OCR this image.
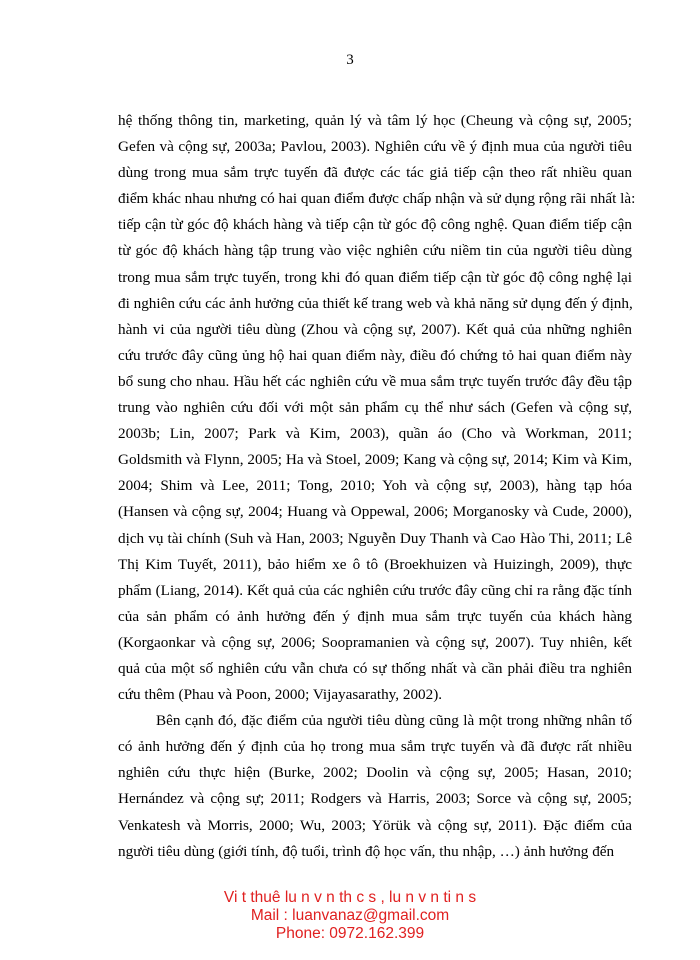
3

hệ thống thông tin, marketing, quản lý và tâm lý học (Cheung và cộng sự, 2005;
Gefen và cộng sự, 2003a; Pavlou, 2003). Nghiên cứu về ý định mua của người tiêu
dùng trong mua sắm trực tuyến đã được các tác giả tiếp cận theo rất nhiều quan
điểm khác nhau nhưng có hai quan điểm được chấp nhận và sử dụng rộng rãi nhất là:
tiếp cận từ góc độ khách hàng và tiếp cận từ góc độ công nghệ. Quan điểm tiếp cận
từ góc độ khách hàng tập trung vào việc nghiên cứu niềm tin của người tiêu dùng
trong mua sắm trực tuyến, trong khi đó quan điểm tiếp cận từ góc độ công nghệ lại
đi nghiên cứu các ảnh hưởng của thiết kế trang web và khả năng sử dụng đến ý định,
hành vi của người tiêu dùng (Zhou và cộng sự, 2007). Kết quả của những nghiên
cứu trước đây cũng ủng hộ hai quan điểm này, điều đó chứng tỏ hai quan điểm này
bổ sung cho nhau. Hầu hết các nghiên cứu về mua sắm trực tuyến trước đây đều tập
trung vào nghiên cứu đối với một sản phẩm cụ thể như sách (Gefen và cộng sự,
2003b; Lin, 2007; Park và Kim, 2003), quần áo (Cho và Workman, 2011;
Goldsmith và Flynn, 2005; Ha và Stoel, 2009; Kang và cộng sự, 2014; Kim và Kim,
2004; Shim và Lee, 2011; Tong, 2010; Yoh và cộng sự, 2003), hàng tạp hóa
(Hansen và cộng sự, 2004; Huang và Oppewal, 2006; Morganosky và Cude, 2000),
dịch vụ tài chính (Suh và Han, 2003; Nguyễn Duy Thanh và Cao Hào Thi, 2011; Lê
Thị Kim Tuyết, 2011), bảo hiểm xe ô tô (Broekhuizen và Huizingh, 2009), thực
phẩm (Liang, 2014). Kết quả của các nghiên cứu trước đây cũng chỉ ra rằng đặc tính
của sản phẩm có ảnh hưởng đến ý định mua sắm trực tuyến của khách hàng
(Korgaonkar và cộng sự, 2006; Soopramanien và cộng sự, 2007). Tuy nhiên, kết
quả của một số nghiên cứu vẫn chưa có sự thống nhất và cần phải điều tra nghiên
cứu thêm (Phau và Poon, 2000; Vijayasarathy, 2002).

Bên cạnh đó, đặc điểm của người tiêu dùng cũng là một trong những nhân tố
có ảnh hưởng đến ý định của họ trong mua sắm trực tuyến và đã được rất nhiều
nghiên cứu thực hiện (Burke, 2002; Doolin và cộng sự, 2005; Hasan, 2010;
Hernández và cộng sự; 2011; Rodgers và Harris, 2003; Sorce và cộng sự, 2005;
Venkatesh và Morris, 2000; Wu, 2003; Yörük và cộng sự, 2011). Đặc điểm của
người tiêu dùng (giới tính, độ tuổi, trình độ học vấn, thu nhập, …) ảnh hưởng đến

Vi t thuê lu n v n th c s , lu n v n ti n s
Mail : luanvanaz@gmail.com
Phone: 0972.162.399
